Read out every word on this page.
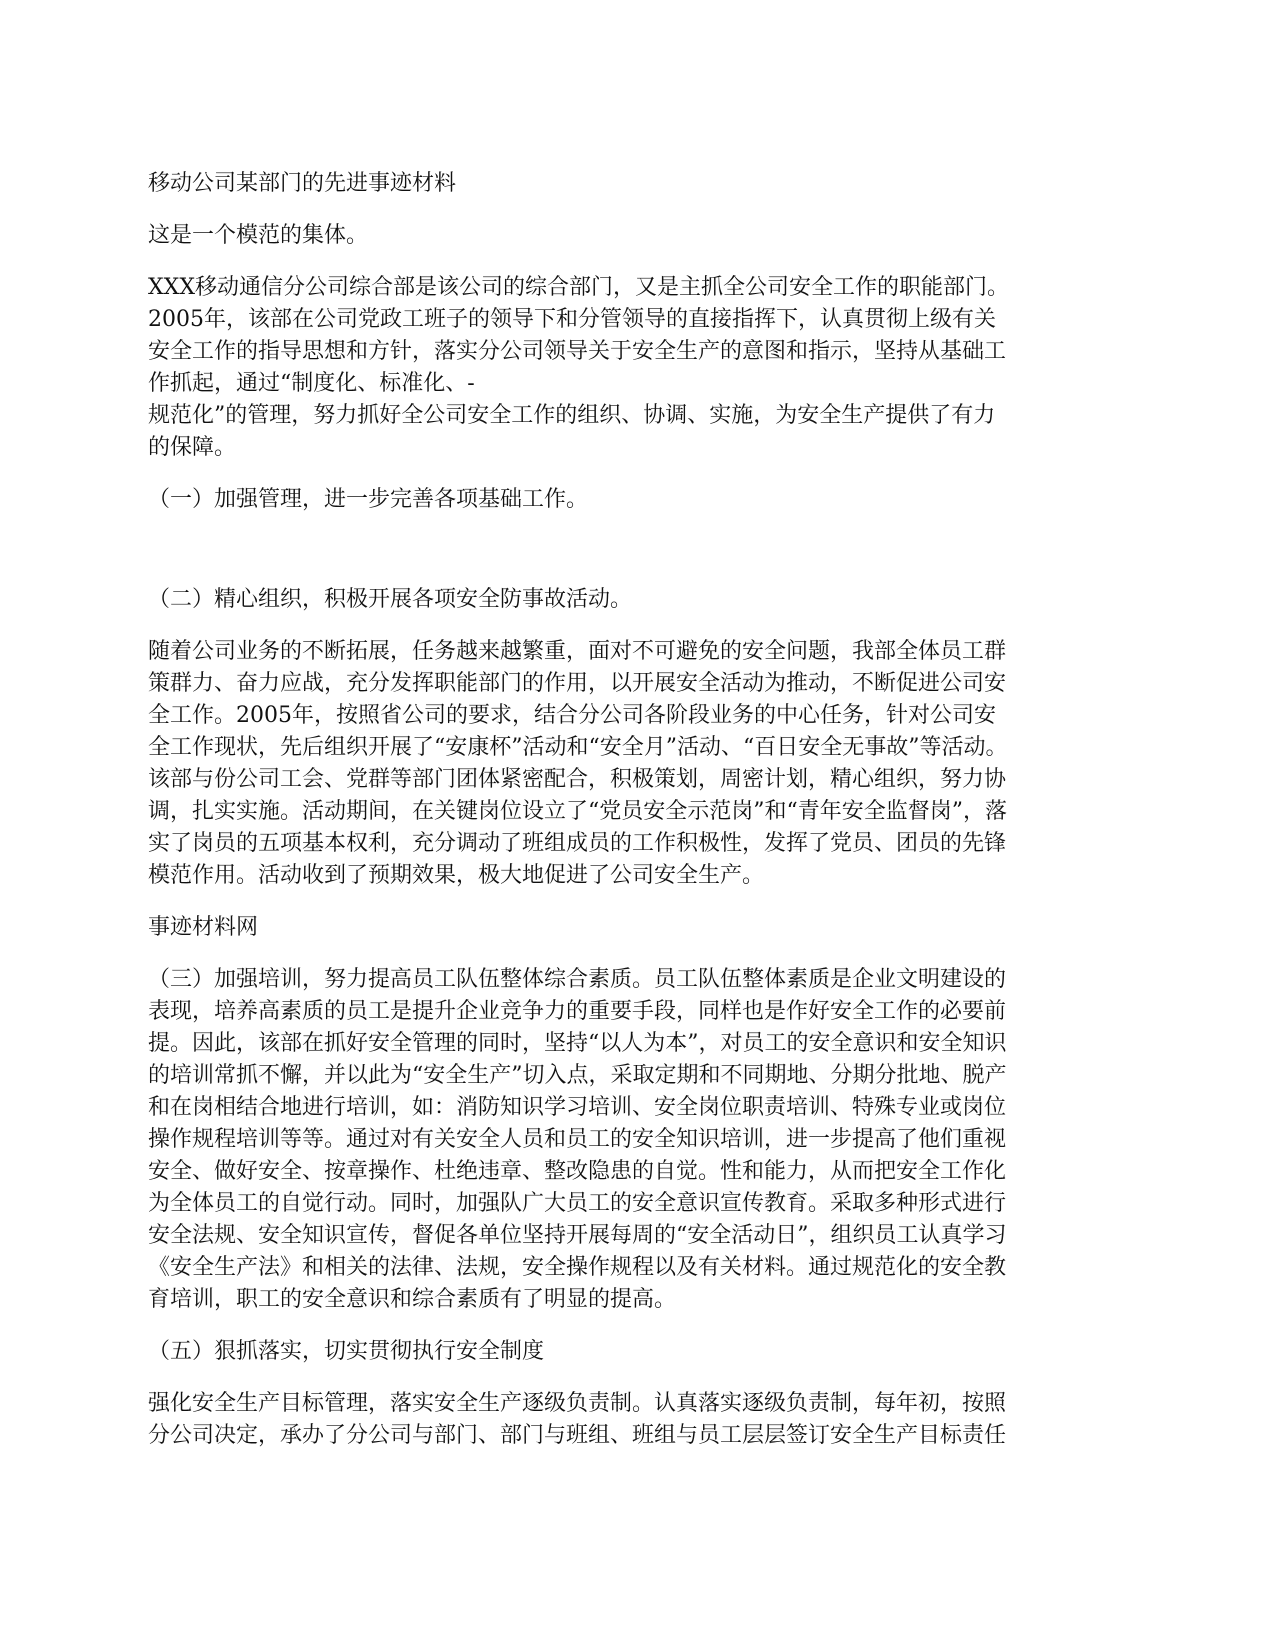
移动公司某部门的先进事迹材料

这是一个模范的集体。

XXX移动通信分公司综合部是该公司的综合部门，又是主抓全公司安全工作的职能部门。
2005年，该部在公司党政工班子的领导下和分管领导的直接指挥下，认真贯彻上级有关
安全工作的指导思想和方针，落实分公司领导关于安全生产的意图和指示，坚持从基础工
作抓起，通过“制度化、标准化、-
规范化”的管理，努力抓好全公司安全工作的组织、协调、实施，为安全生产提供了有力
的保障。

（一）加强管理，进一步完善各项基础工作。

（二）精心组织，积极开展各项安全防事故活动。

随着公司业务的不断拓展，任务越来越繁重，面对不可避免的安全问题，我部全体员工群
策群力、奋力应战，充分发挥职能部门的作用，以开展安全活动为推动，不断促进公司安
全工作。2005年，按照省公司的要求，结合分公司各阶段业务的中心任务，针对公司安
全工作现状，先后组织开展了“安康杯”活动和“安全月”活动、“百日安全无事故”等活动。
该部与份公司工会、党群等部门团体紧密配合，积极策划，周密计划，精心组织，努力协
调，扎实实施。活动期间，在关键岗位设立了“党员安全示范岗”和“青年安全监督岗”，落
实了岗员的五项基本权利，充分调动了班组成员的工作积极性，发挥了党员、团员的先锋
模范作用。活动收到了预期效果，极大地促进了公司安全生产。

事迹材料网

（三）加强培训，努力提高员工队伍整体综合素质。员工队伍整体素质是企业文明建设的
表现，培养高素质的员工是提升企业竞争力的重要手段，同样也是作好安全工作的必要前
提。因此，该部在抓好安全管理的同时，坚持“以人为本”，对员工的安全意识和安全知识
的培训常抓不懈，并以此为“安全生产”切入点，采取定期和不同期地、分期分批地、脱产
和在岗相结合地进行培训，如：消防知识学习培训、安全岗位职责培训、特殊专业或岗位
操作规程培训等等。通过对有关安全人员和员工的安全知识培训，进一步提高了他们重视
安全、做好安全、按章操作、杜绝违章、整改隐患的自觉。性和能力，从而把安全工作化
为全体员工的自觉行动。同时，加强队广大员工的安全意识宣传教育。采取多种形式进行
安全法规、安全知识宣传，督促各单位坚持开展每周的“安全活动日”，组织员工认真学习
《安全生产法》和相关的法律、法规，安全操作规程以及有关材料。通过规范化的安全教
育培训，职工的安全意识和综合素质有了明显的提高。

（五）狠抓落实，切实贯彻执行安全制度

强化安全生产目标管理，落实安全生产逐级负责制。认真落实逐级负责制，每年初，按照
分公司决定，承办了分公司与部门、部门与班组、班组与员工层层签订安全生产目标责任
